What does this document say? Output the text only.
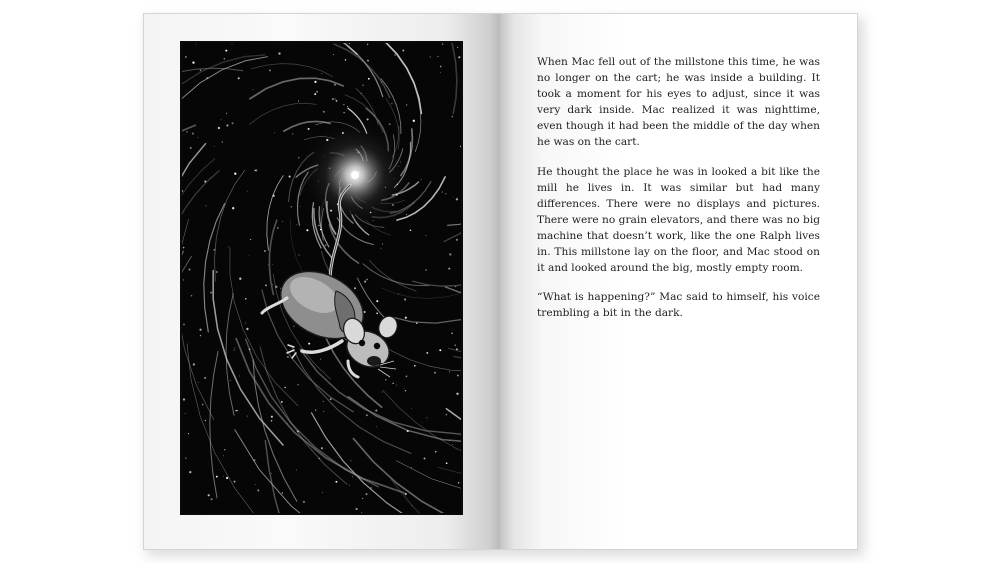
When Mac fell out of the millstone this time, he was no longer on the cart; he was inside a building. It took a moment for his eyes to adjust, since it was very dark inside. Mac realized it was nighttime, even though it had been the middle of the day when he was on the cart.

He thought the place he was in looked a bit like the mill he lives in. It was similar but had many differences. There were no displays and pictures. There were no grain elevators, and there was no big machine that doesn’t work, like the one Ralph lives in. This millstone lay on the floor, and Mac stood on it and looked around the big, mostly empty room.

“What is happening?” Mac said to himself, his voice trembling a bit in the dark.
